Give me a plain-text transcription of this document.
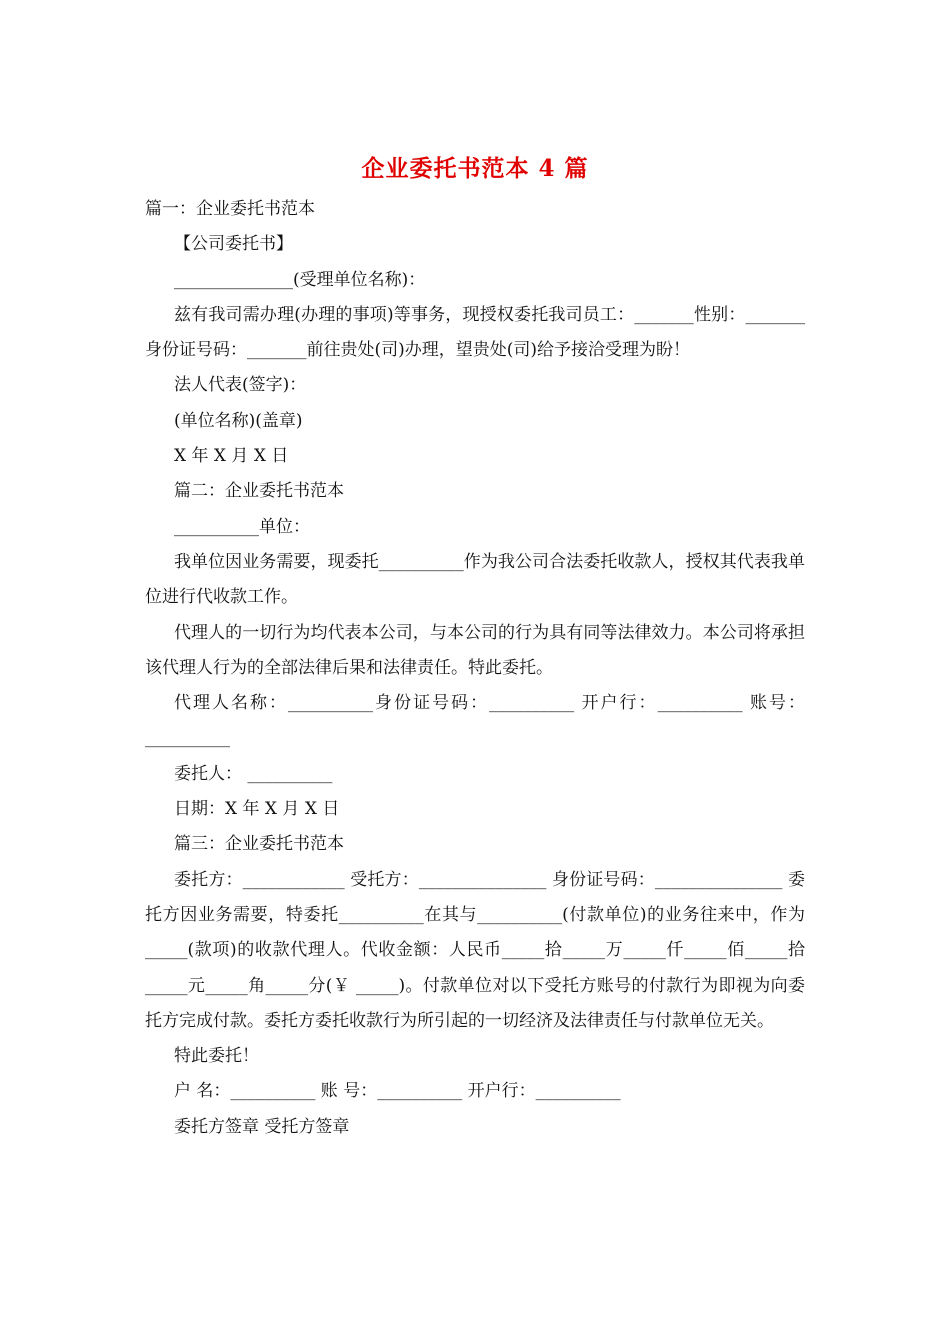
企业委托书范本 4 篇

篇一：企业委托书范本

【公司委托书】

______________(受理单位名称)：

兹有我司需办理(办理的事项)等事务，现授权委托我司员工：_______性别：_______身份证号码：_______前往贵处(司)办理，望贵处(司)给予接洽受理为盼！

法人代表(签字)：

(单位名称)(盖章)

X 年 X 月 X 日

篇二：企业委托书范本

__________单位：

我单位因业务需要，现委托__________作为我公司合法委托收款人，授权其代表我单位进行代收款工作。

代理人的一切行为均代表本公司，与本公司的行为具有同等法律效力。本公司将承担该代理人行为的全部法律后果和法律责任。特此委托。

代理人名称：__________身份证号码：__________ 开户行：__________ 账号：__________

委托人： __________

日期：X 年 X 月 X 日

篇三：企业委托书范本

委托方：____________ 受托方：_______________ 身份证号码：_______________ 委托方因业务需要，特委托__________在其与__________(付款单位)的业务往来中，作为_____(款项)的收款代理人。代收金额：人民币_____拾_____万_____仟_____佰_____拾_____元_____角_____分(￥ _____)。付款单位对以下受托方账号的付款行为即视为向委托方完成付款。委托方委托收款行为所引起的一切经济及法律责任与付款单位无关。

特此委托！

户 名：__________ 账 号：__________ 开户行：__________

委托方签章 受托方签章
